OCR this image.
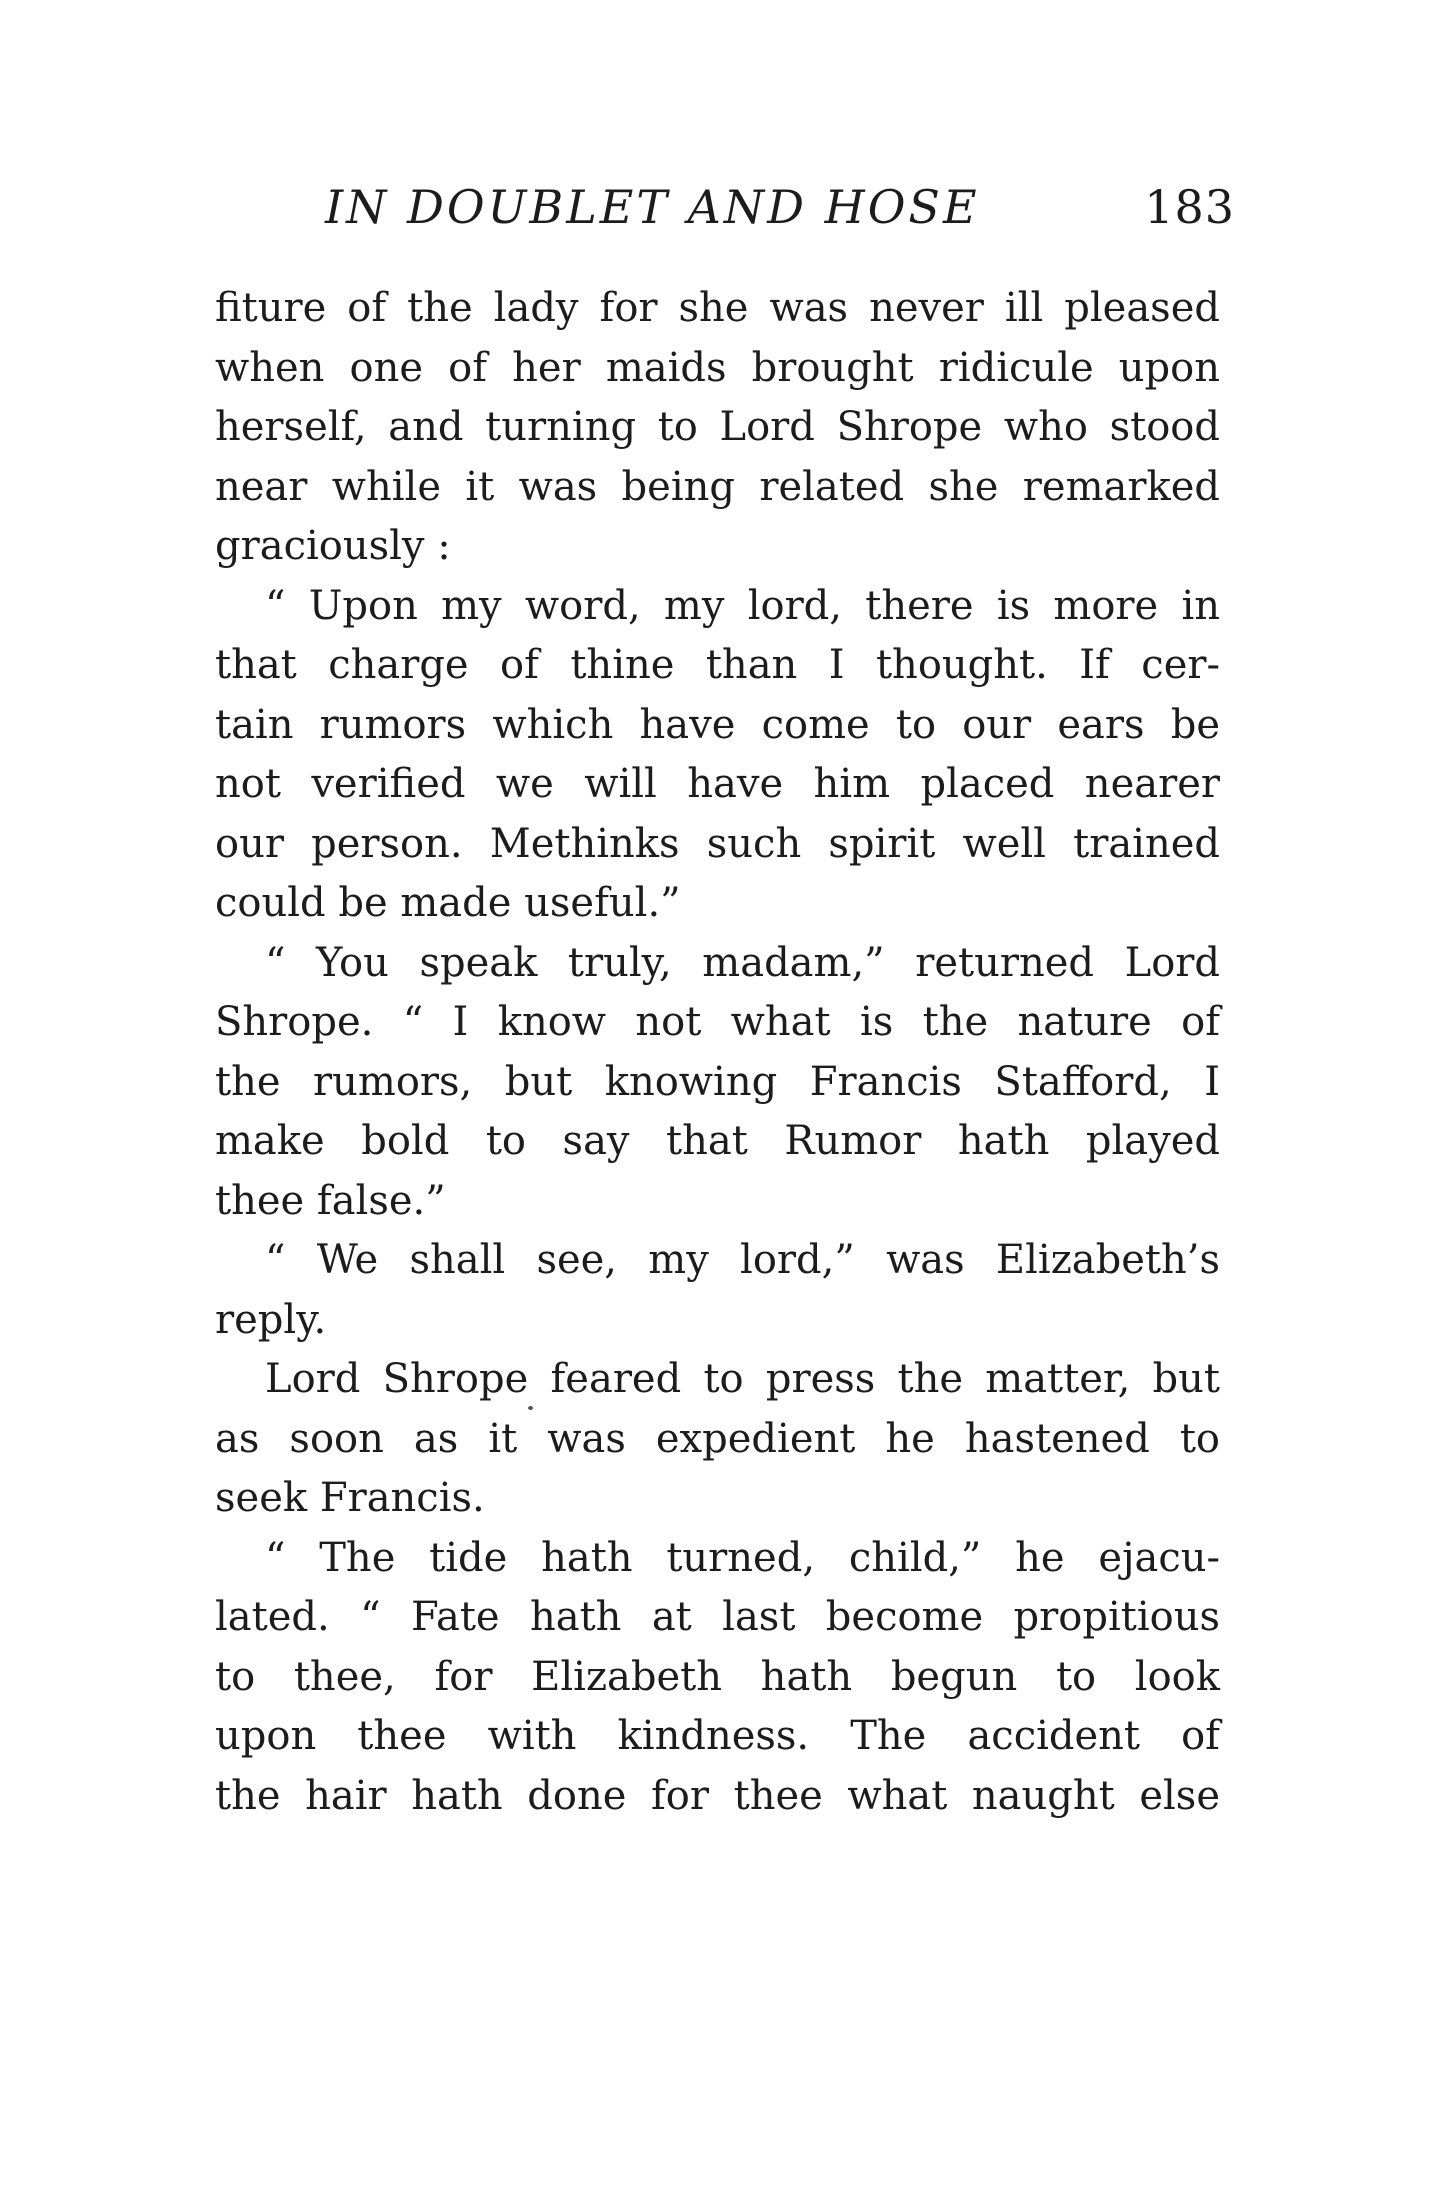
IN DOUBLET AND HOSE	183
fiture of the lady for she was never ill pleased
when one of her maids brought ridicule upon
herself, and turning to Lord Shrope who stood
near while it was being related she remarked
graciously :
“ Upon my word, my lord, there is more in
that charge of thine than I thought. If cer-
tain rumors which have come to our ears be
not verified we will have him placed nearer
our person. Methinks such spirit well trained
could be made useful.”
“ You speak truly, madam,” returned Lord
Shrope. “ I know not what is the nature of
the rumors, but knowing Francis Stafford, I
make bold to say that Rumor hath played
thee false.”
“ We shall see, my lord,” was Elizabeth’s
reply.
Lord Shrope feared to press the matter, but
as soon as it was expedient he hastened to
seek Francis.
“ The tide hath turned, child,” he ejacu-
lated. “ Fate hath at last become propitious
to thee, for Elizabeth hath begun to look
upon thee with kindness. The accident of
the hair hath done for thee what naught else
